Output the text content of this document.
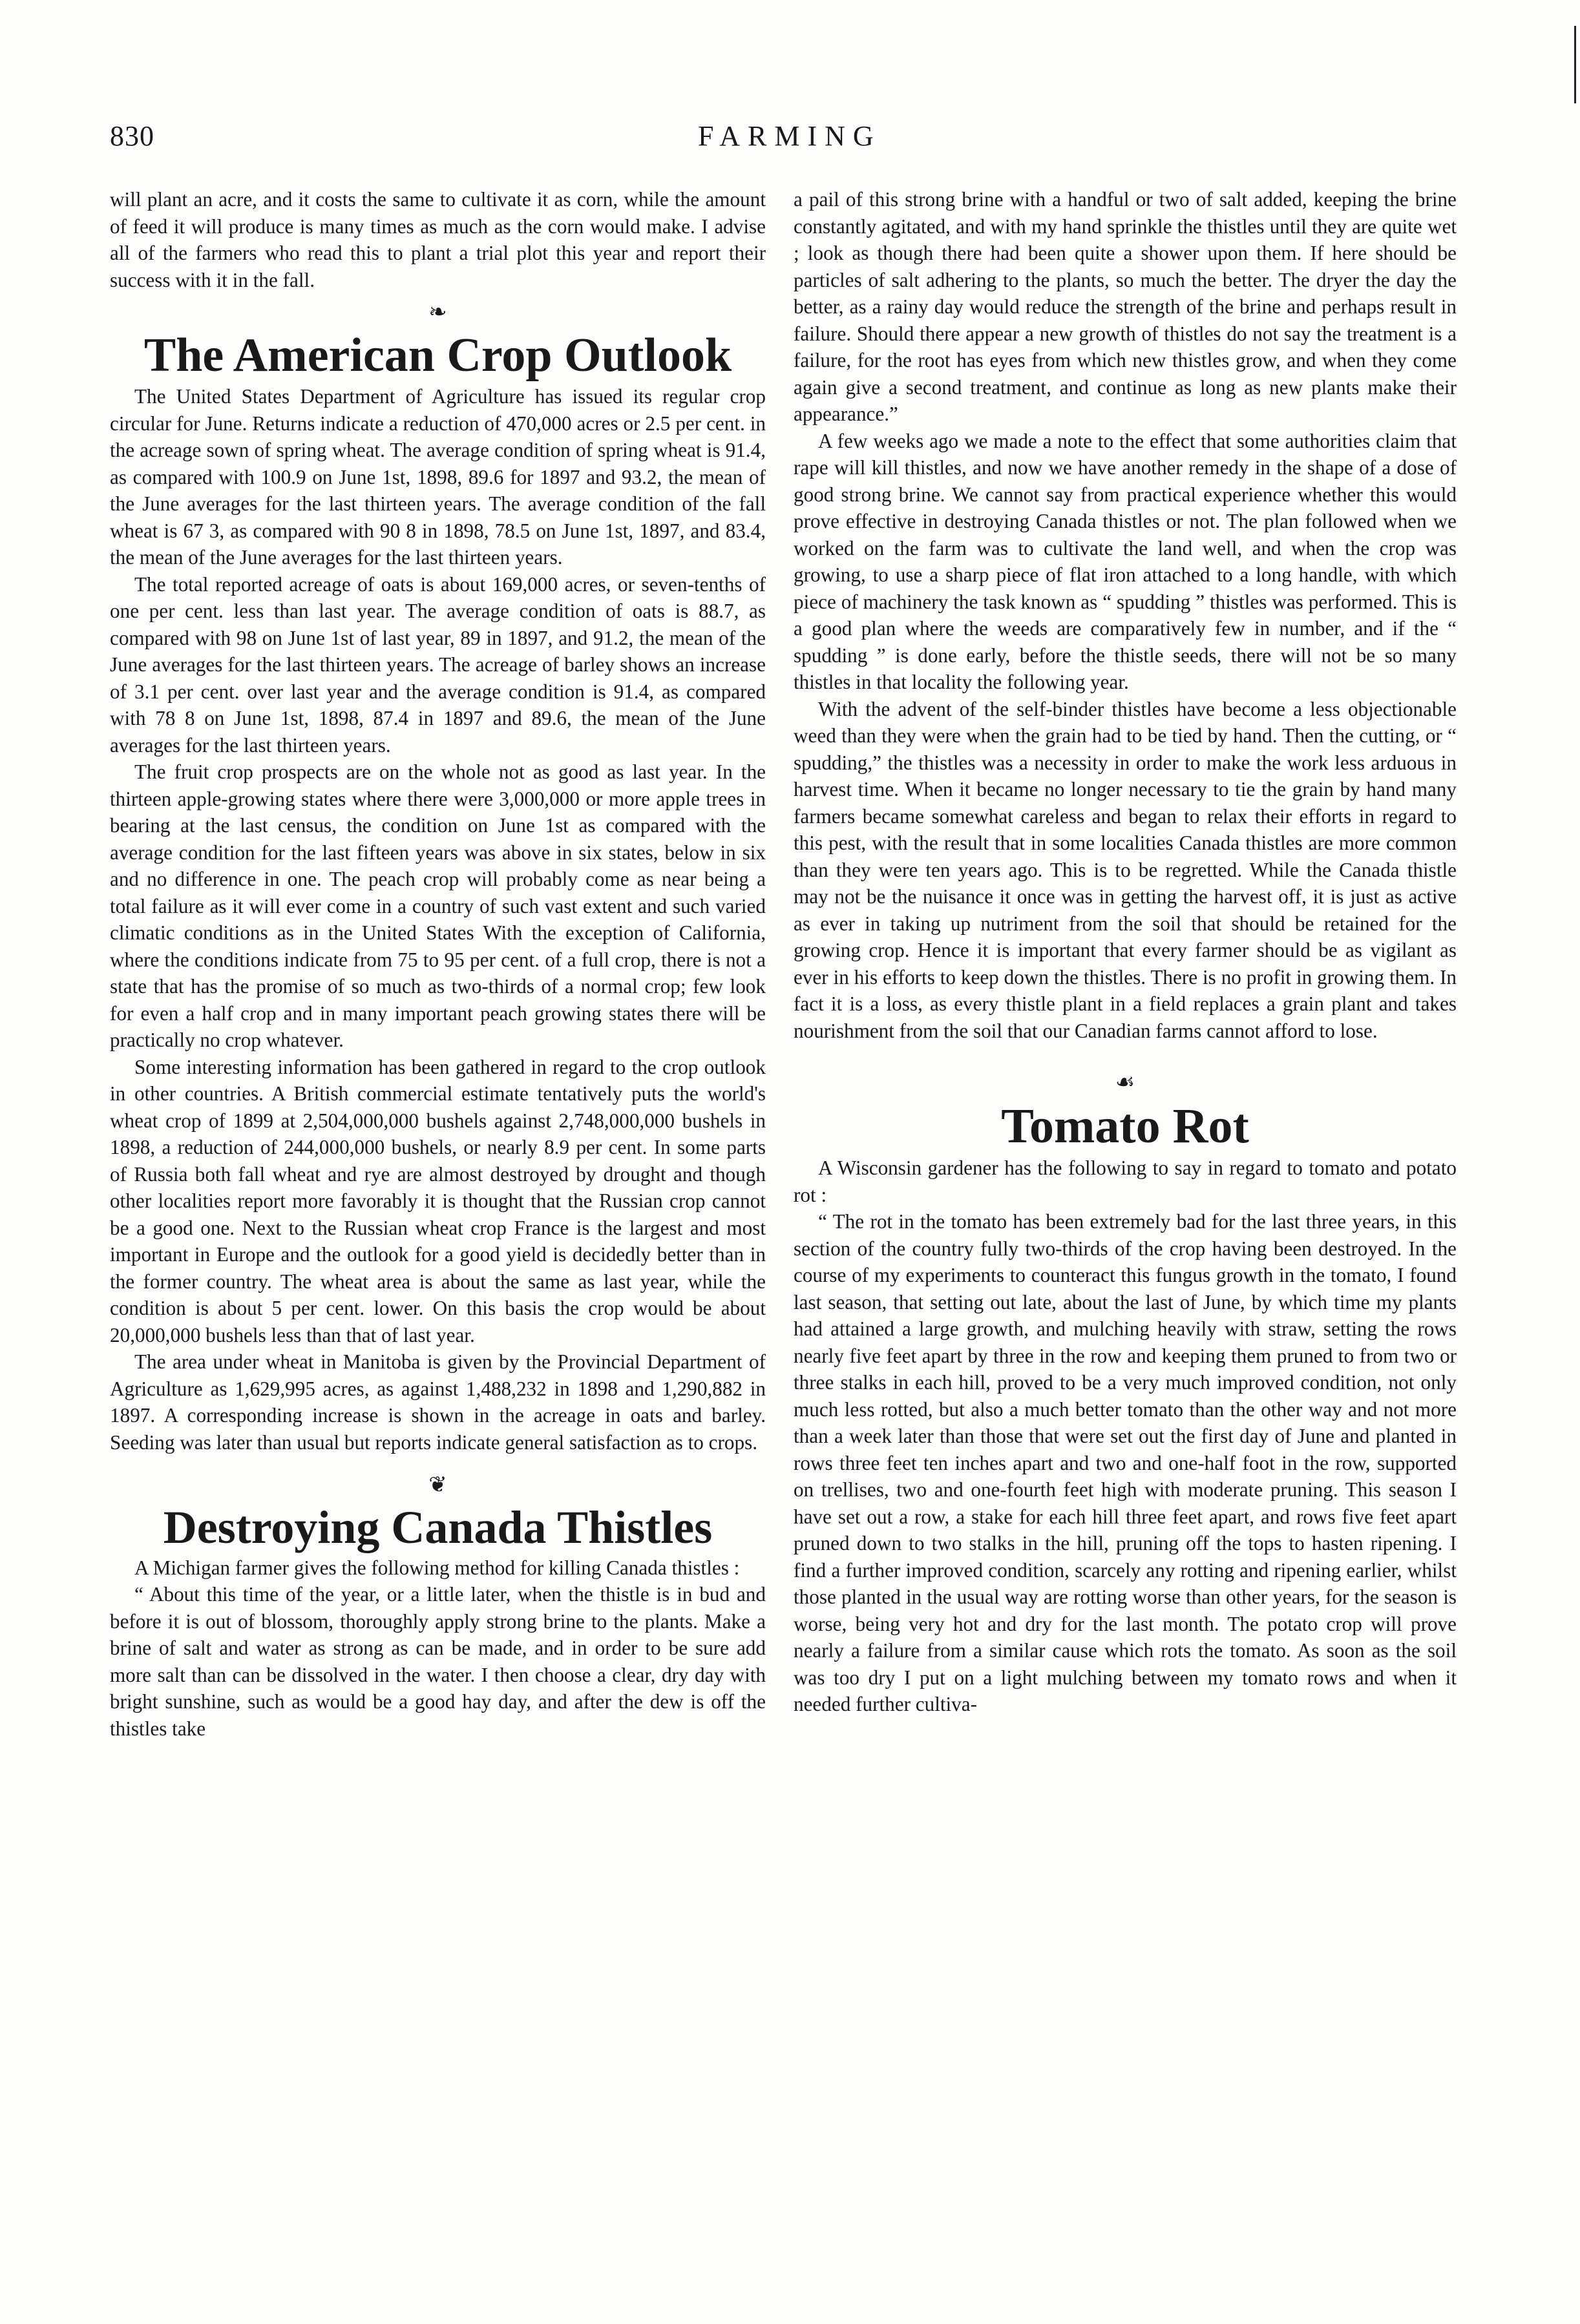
830	FARMING

will plant an acre, and it costs the same to cultivate it as corn, while the amount of feed it will produce is many times as much as the corn would make. I advise all of the farmers who read this to plant a trial plot this year and report their success with it in the fall.

❧
The American Crop Outlook

The United States Department of Agriculture has issued its regular crop circular for June. Returns indicate a reduction of 470,000 acres or 2.5 per cent. in the acreage sown of spring wheat. The average condition of spring wheat is 91.4, as compared with 100.9 on June 1st, 1898, 89.6 for 1897 and 93.2, the mean of the June averages for the last thirteen years. The average condition of the fall wheat is 67 3, as compared with 90 8 in 1898, 78.5 on June 1st, 1897, and 83.4, the mean of the June averages for the last thirteen years.

The total reported acreage of oats is about 169,000 acres, or seven-tenths of one per cent. less than last year. The average condition of oats is 88.7, as compared with 98 on June 1st of last year, 89 in 1897, and 91.2, the mean of the June averages for the last thirteen years. The acreage of barley shows an increase of 3.1 per cent. over last year and the average condition is 91.4, as compared with 78 8 on June 1st, 1898, 87.4 in 1897 and 89.6, the mean of the June averages for the last thirteen years.

The fruit crop prospects are on the whole not as good as last year. In the thirteen apple-growing states where there were 3,000,000 or more apple trees in bearing at the last census, the condition on June 1st as compared with the average condition for the last fifteen years was above in six states, below in six and no difference in one. The peach crop will probably come as near being a total failure as it will ever come in a country of such vast extent and such varied climatic conditions as in the United States With the exception of California, where the conditions indicate from 75 to 95 per cent. of a full crop, there is not a state that has the promise of so much as two-thirds of a normal crop; few look for even a half crop and in many important peach growing states there will be practically no crop whatever.

Some interesting information has been gathered in regard to the crop outlook in other countries. A British commercial estimate tentatively puts the world's wheat crop of 1899 at 2,504,000,000 bushels against 2,748,000,000 bushels in 1898, a reduction of 244,000,000 bushels, or nearly 8.9 per cent. In some parts of Russia both fall wheat and rye are almost destroyed by drought and though other localities report more favorably it is thought that the Russian crop cannot be a good one. Next to the Russian wheat crop France is the largest and most important in Europe and the outlook for a good yield is decidedly better than in the former country. The wheat area is about the same as last year, while the condition is about 5 per cent. lower. On this basis the crop would be about 20,000,000 bushels less than that of last year.

The area under wheat in Manitoba is given by the Provincial Department of Agriculture as 1,629,995 acres, as against 1,488,232 in 1898 and 1,290,882 in 1897. A corresponding increase is shown in the acreage in oats and barley. Seeding was later than usual but reports indicate general satisfaction as to crops.

❦
Destroying Canada Thistles

A Michigan farmer gives the following method for killing Canada thistles :

“ About this time of the year, or a little later, when the thistle is in bud and before it is out of blossom, thoroughly apply strong brine to the plants. Make a brine of salt and water as strong as can be made, and in order to be sure add more salt than can be dissolved in the water. I then choose a clear, dry day with bright sunshine, such as would be a good hay day, and after the dew is off the thistles take

a pail of this strong brine with a handful or two of salt added, keeping the brine constantly agitated, and with my hand sprinkle the thistles until they are quite wet ; look as though there had been quite a shower upon them. If here should be particles of salt adhering to the plants, so much the better. The dryer the day the better, as a rainy day would reduce the strength of the brine and perhaps result in failure. Should there appear a new growth of thistles do not say the treatment is a failure, for the root has eyes from which new thistles grow, and when they come again give a second treatment, and continue as long as new plants make their appearance.”

A few weeks ago we made a note to the effect that some authorities claim that rape will kill thistles, and now we have another remedy in the shape of a dose of good strong brine. We cannot say from practical experience whether this would prove effective in destroying Canada thistles or not. The plan followed when we worked on the farm was to cultivate the land well, and when the crop was growing, to use a sharp piece of flat iron attached to a long handle, with which piece of machinery the task known as “ spudding ” thistles was performed. This is a good plan where the weeds are comparatively few in number, and if the “ spudding ” is done early, before the thistle seeds, there will not be so many thistles in that locality the following year.

With the advent of the self-binder thistles have become a less objectionable weed than they were when the grain had to be tied by hand. Then the cutting, or “ spudding,” the thistles was a necessity in order to make the work less arduous in harvest time. When it became no longer necessary to tie the grain by hand many farmers became somewhat careless and began to relax their efforts in regard to this pest, with the result that in some localities Canada thistles are more common than they were ten years ago. This is to be regretted. While the Canada thistle may not be the nuisance it once was in getting the harvest off, it is just as active as ever in taking up nutriment from the soil that should be retained for the growing crop. Hence it is important that every farmer should be as vigilant as ever in his efforts to keep down the thistles. There is no profit in growing them. In fact it is a loss, as every thistle plant in a field replaces a grain plant and takes nourishment from the soil that our Canadian farms cannot afford to lose.

☙
Tomato Rot

A Wisconsin gardener has the following to say in regard to tomato and potato rot :

“ The rot in the tomato has been extremely bad for the last three years, in this section of the country fully two-thirds of the crop having been destroyed. In the course of my experiments to counteract this fungus growth in the tomato, I found last season, that setting out late, about the last of June, by which time my plants had attained a large growth, and mulching heavily with straw, setting the rows nearly five feet apart by three in the row and keeping them pruned to from two or three stalks in each hill, proved to be a very much improved condition, not only much less rotted, but also a much better tomato than the other way and not more than a week later than those that were set out the first day of June and planted in rows three feet ten inches apart and two and one-half foot in the row, supported on trellises, two and one-fourth feet high with moderate pruning. This season I have set out a row, a stake for each hill three feet apart, and rows five feet apart pruned down to two stalks in the hill, pruning off the tops to hasten ripening. I find a further improved condition, scarcely any rotting and ripening earlier, whilst those planted in the usual way are rotting worse than other years, for the season is worse, being very hot and dry for the last month. The potato crop will prove nearly a failure from a similar cause which rots the tomato. As soon as the soil was too dry I put on a light mulching between my tomato rows and when it needed further cultiva-
